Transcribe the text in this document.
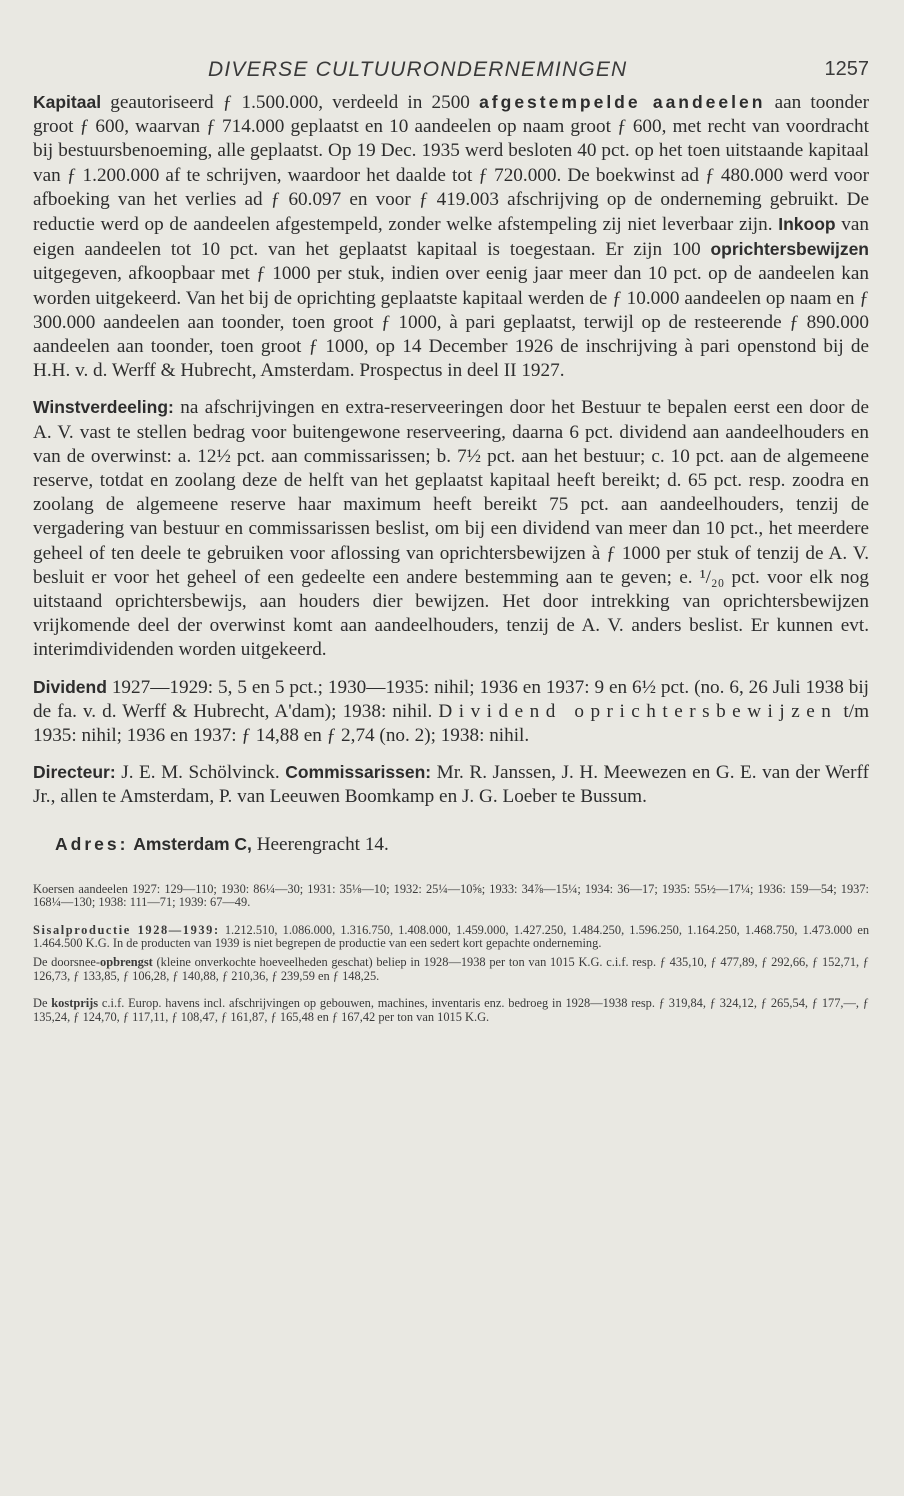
DIVERSE CULTUURONDERNEMINGEN	1257

Kapitaal geautoriseerd ƒ 1.500.000, verdeeld in 2500 afgestempelde aandeelen aan toonder groot ƒ 600, waarvan ƒ 714.000 geplaatst en 10 aandeelen op naam groot ƒ 600, met recht van voordracht bij bestuursbenoeming, alle geplaatst. Op 19 Dec. 1935 werd besloten 40 pct. op het toen uitstaande kapitaal van ƒ 1.200.000 af te schrijven, waardoor het daalde tot ƒ 720.000. De boekwinst ad ƒ 480.000 werd voor afboeking van het verlies ad ƒ 60.097 en voor ƒ 419.003 afschrijving op de onderneming gebruikt. De reductie werd op de aandeelen afgestempeld, zonder welke afstempeling zij niet leverbaar zijn. Inkoop van eigen aandeelen tot 10 pct. van het geplaatst kapitaal is toegestaan. Er zijn 100 oprichtersbewijzen uitgegeven, afkoopbaar met ƒ 1000 per stuk, indien over eenig jaar meer dan 10 pct. op de aandeelen kan worden uitgekeerd. Van het bij de oprichting geplaatste kapitaal werden de ƒ 10.000 aandeelen op naam en ƒ 300.000 aandeelen aan toonder, toen groot ƒ 1000, à pari geplaatst, terwijl op de resteerende ƒ 890.000 aandeelen aan toonder, toen groot ƒ 1000, op 14 December 1926 de inschrijving à pari openstond bij de H.H. v. d. Werff & Hubrecht, Amsterdam. Prospectus in deel II 1927.

Winstverdeeling: na afschrijvingen en extra-reserveeringen door het Bestuur te bepalen eerst een door de A. V. vast te stellen bedrag voor buitengewone reserveering, daarna 6 pct. dividend aan aandeelhouders en van de overwinst: a. 12½ pct. aan commissarissen; b. 7½ pct. aan het bestuur; c. 10 pct. aan de algemeene reserve, totdat en zoolang deze de helft van het geplaatst kapitaal heeft bereikt; d. 65 pct. resp. zoodra en zoolang de algemeene reserve haar maximum heeft bereikt 75 pct. aan aandeelhouders, tenzij de vergadering van bestuur en commissarissen beslist, om bij een dividend van meer dan 10 pct., het meerdere geheel of ten deele te gebruiken voor aflossing van oprichtersbewijzen à ƒ 1000 per stuk of tenzij de A. V. besluit er voor het geheel of een gedeelte een andere bestemming aan te geven; e. ¹/₂₀ pct. voor elk nog uitstaand oprichtersbewijs, aan houders dier bewijzen. Het door intrekking van oprichtersbewijzen vrijkomende deel der overwinst komt aan aandeelhouders, tenzij de A. V. anders beslist. Er kunnen evt. interimdividenden worden uitgekeerd.

Dividend 1927—1929: 5, 5 en 5 pct.; 1930—1935: nihil; 1936 en 1937: 9 en 6½ pct. (no. 6, 26 Juli 1938 bij de fa. v. d. Werff & Hubrecht, A'dam); 1938: nihil. Dividend oprichtersbewijzen t/m 1935: nihil; 1936 en 1937: ƒ 14,88 en ƒ 2,74 (no. 2); 1938: nihil.

Directeur: J. E. M. Schölvinck. Commissarissen: Mr. R. Janssen, J. H. Meewezen en G. E. van der Werff Jr., allen te Amsterdam, P. van Leeuwen Boomkamp en J. G. Loeber te Bussum.

Adres: Amsterdam C, Heerengracht 14.

Koersen aandeelen 1927: 129—110; 1930: 86¼—30; 1931: 35⅛—10; 1932: 25¼—10⅝; 1933: 34⅞—15¼; 1934: 36—17; 1935: 55½—17¼; 1936: 159—54; 1937: 168¼—130; 1938: 111—71; 1939: 67—49.

Sisalproductie 1928—1939: 1.212.510, 1.086.000, 1.316.750, 1.408.000, 1.459.000, 1.427.250, 1.484.250, 1.596.250, 1.164.250, 1.468.750, 1.473.000 en 1.464.500 K.G. In de producten van 1939 is niet begrepen de productie van een sedert kort gepachte onderneming.

De doorsnee-opbrengst (kleine onverkochte hoeveelheden geschat) beliep in 1928—1938 per ton van 1015 K.G. c.i.f. resp. ƒ 435,10, ƒ 477,89, ƒ 292,66, ƒ 152,71, ƒ 126,73, ƒ 133,85, ƒ 106,28, ƒ 140,88, ƒ 210,36, ƒ 239,59 en ƒ 148,25.

De kostprijs c.i.f. Europ. havens incl. afschrijvingen op gebouwen, machines, inventaris enz. bedroeg in 1928—1938 resp. ƒ 319,84, ƒ 324,12, ƒ 265,54, ƒ 177,—, ƒ 135,24, ƒ 124,70, ƒ 117,11, ƒ 108,47, ƒ 161,87, ƒ 165,48 en ƒ 167,42 per ton van 1015 K.G.
